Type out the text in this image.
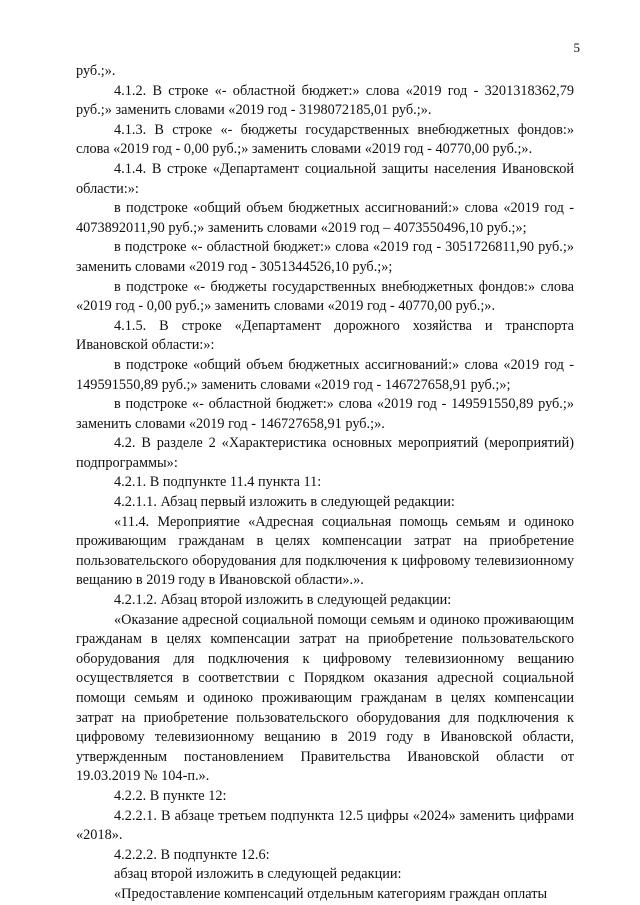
5

руб.;».

4.1.2. В строке «- областной бюджет:» слова «2019 год - 3201318362,79 руб.;» заменить словами «2019 год - 3198072185,01 руб.;».

4.1.3. В строке «- бюджеты государственных внебюджетных фондов:» слова «2019 год - 0,00 руб.;» заменить словами «2019 год - 40770,00 руб.;».

4.1.4. В строке «Департамент социальной защиты населения Ивановской области:»:

в подстроке «общий объем бюджетных ассигнований:» слова «2019 год - 4073892011,90 руб.;» заменить словами «2019 год – 4073550496,10 руб.;»;

в подстроке «- областной бюджет:» слова «2019 год - 3051726811,90 руб.;» заменить словами «2019 год - 3051344526,10 руб.;»;

в подстроке «- бюджеты государственных внебюджетных фондов:» слова «2019 год - 0,00 руб.;» заменить словами «2019 год - 40770,00 руб.;».

4.1.5. В строке «Департамент дорожного хозяйства и транспорта Ивановской области:»:

в подстроке «общий объем бюджетных ассигнований:» слова «2019 год - 149591550,89 руб.;» заменить словами «2019 год - 146727658,91 руб.;»;

в подстроке «- областной бюджет:» слова «2019 год - 149591550,89 руб.;» заменить словами «2019 год - 146727658,91 руб.;».

4.2. В разделе 2 «Характеристика основных мероприятий (мероприятий) подпрограммы»:

4.2.1. В подпункте 11.4 пункта 11:

4.2.1.1. Абзац первый изложить в следующей редакции:

«11.4. Мероприятие «Адресная социальная помощь семьям и одиноко проживающим гражданам в целях компенсации затрат на приобретение пользовательского оборудования для подключения к цифровому телевизионному вещанию в 2019 году в Ивановской области».».

4.2.1.2. Абзац второй изложить в следующей редакции:

«Оказание адресной социальной помощи семьям и одиноко проживающим гражданам в целях компенсации затрат на приобретение пользовательского оборудования для подключения к цифровому телевизионному вещанию осуществляется в соответствии с Порядком оказания адресной социальной помощи семьям и одиноко проживающим гражданам в целях компенсации затрат на приобретение пользовательского оборудования для подключения к цифровому телевизионному вещанию в 2019 году в Ивановской области, утвержденным постановлением Правительства Ивановской области от 19.03.2019 № 104-п.».

4.2.2. В пункте 12:

4.2.2.1. В абзаце третьем подпункта 12.5 цифры «2024» заменить цифрами «2018».

4.2.2.2. В подпункте 12.6:

абзац второй изложить в следующей редакции:

«Предоставление компенсаций отдельным категориям граждан оплаты
